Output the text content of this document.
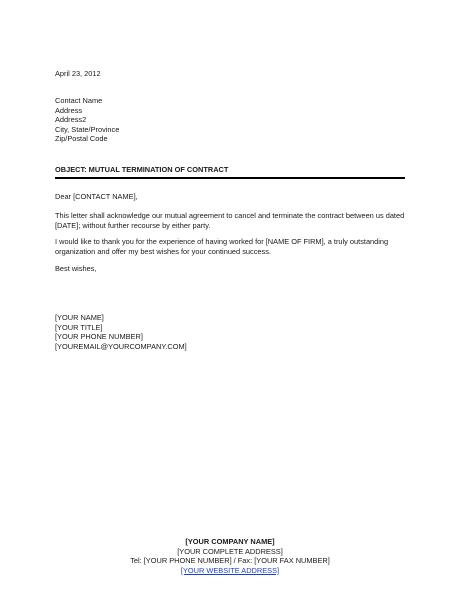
April 23, 2012
Contact Name
Address
Address2
City, State/Province
Zip/Postal Code
OBJECT: MUTUAL TERMINATION OF CONTRACT
Dear [CONTACT NAME],
This letter shall acknowledge our mutual agreement to cancel and terminate the contract between us dated [DATE]; without further recourse by either party.
I would like to thank you for the experience of having worked for [NAME OF FIRM], a truly outstanding organization and offer my best wishes for your continued success.
Best wishes,
[YOUR NAME]
[YOUR TITLE]
[YOUR PHONE NUMBER]
[YOUREMAIL@YOURCOMPANY.COM]
[YOUR COMPANY NAME]
[YOUR COMPLETE ADDRESS]
Tel: [YOUR PHONE NUMBER] / Fax: [YOUR FAX NUMBER]
[YOUR WEBSITE ADDRESS]
